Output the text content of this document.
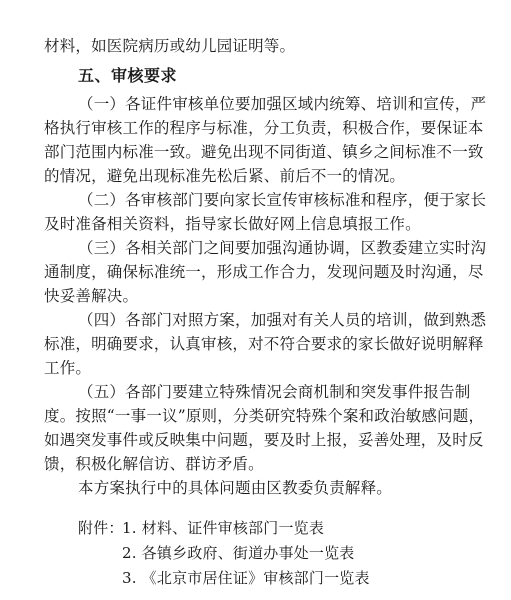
材料，如医院病历或幼儿园证明等。
五、审核要求
（一）各证件审核单位要加强区域内统筹、培训和宣传，严
格执行审核工作的程序与标准，分工负责，积极合作，要保证本
部门范围内标准一致。避免出现不同街道、镇乡之间标准不一致
的情况，避免出现标准先松后紧、前后不一的情况。
（二）各审核部门要向家长宣传审核标准和程序，便于家长
及时准备相关资料，指导家长做好网上信息填报工作。
（三）各相关部门之间要加强沟通协调，区教委建立实时沟
通制度，确保标准统一，形成工作合力，发现问题及时沟通，尽
快妥善解决。
（四）各部门对照方案，加强对有关人员的培训，做到熟悉
标准，明确要求，认真审核，对不符合要求的家长做好说明解释
工作。
（五）各部门要建立特殊情况会商机制和突发事件报告制
度。按照“一事一议”原则，分类研究特殊个案和政治敏感问题，
如遇突发事件或反映集中问题，要及时上报，妥善处理，及时反
馈，积极化解信访、群访矛盾。
本方案执行中的具体问题由区教委负责解释。
附件：
1. 材料、证件审核部门一览表
2. 各镇乡政府、街道办事处一览表
3. 《北京市居住证》审核部门一览表
